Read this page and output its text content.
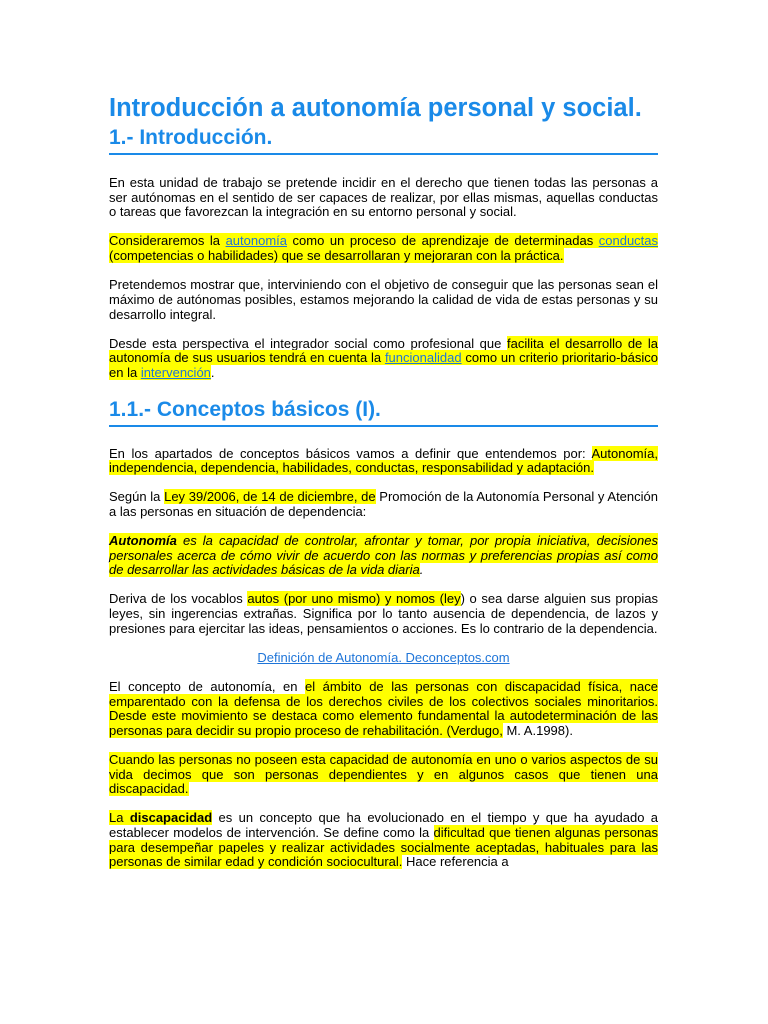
Introducción a autonomía personal y social.
1.- Introducción.

En esta unidad de trabajo se pretende incidir en el derecho que tienen todas las personas a ser autónomas en el sentido de ser capaces de realizar, por ellas mismas, aquellas conductas o tareas que favorezcan la integración en su entorno personal y social.

Consideraremos la autonomía como un proceso de aprendizaje de determinadas conductas (competencias o habilidades) que se desarrollaran y mejoraran con la práctica.

Pretendemos mostrar que, interviniendo con el objetivo de conseguir que las personas sean el máximo de autónomas posibles, estamos mejorando la calidad de vida de estas personas y su desarrollo integral.

Desde esta perspectiva el integrador social como profesional que facilita el desarrollo de la autonomía de sus usuarios tendrá en cuenta la funcionalidad como un criterio prioritario-básico en la intervención.

1.1.- Conceptos básicos (I).

En los apartados de conceptos básicos vamos a definir que entendemos por: Autonomía, independencia, dependencia, habilidades, conductas, responsabilidad y adaptación.

Según la Ley 39/2006, de 14 de diciembre, de Promoción de la Autonomía Personal y Atención a las personas en situación de dependencia:

Autonomía es la capacidad de controlar, afrontar y tomar, por propia iniciativa, decisiones personales acerca de cómo vivir de acuerdo con las normas y preferencias propias así como de desarrollar las actividades básicas de la vida diaria.

Deriva de los vocablos autos (por uno mismo) y nomos (ley) o sea darse alguien sus propias leyes, sin ingerencias extrañas. Significa por lo tanto ausencia de dependencia, de lazos y presiones para ejercitar las ideas, pensamientos o acciones. Es lo contrario de la dependencia.

Definición de Autonomía. Deconceptos.com

El concepto de autonomía, en el ámbito de las personas con discapacidad física, nace emparentado con la defensa de los derechos civiles de los colectivos sociales minoritarios. Desde este movimiento se destaca como elemento fundamental la autodeterminación de las personas para decidir su propio proceso de rehabilitación. (Verdugo, M. A.1998).

Cuando las personas no poseen esta capacidad de autonomía en uno o varios aspectos de su vida decimos que son personas dependientes y en algunos casos que tienen una discapacidad.

La discapacidad es un concepto que ha evolucionado en el tiempo y que ha ayudado a establecer modelos de intervención. Se define como la dificultad que tienen algunas personas para desempeñar papeles y realizar actividades socialmente aceptadas, habituales para las personas de similar edad y condición sociocultural. Hace referencia a
